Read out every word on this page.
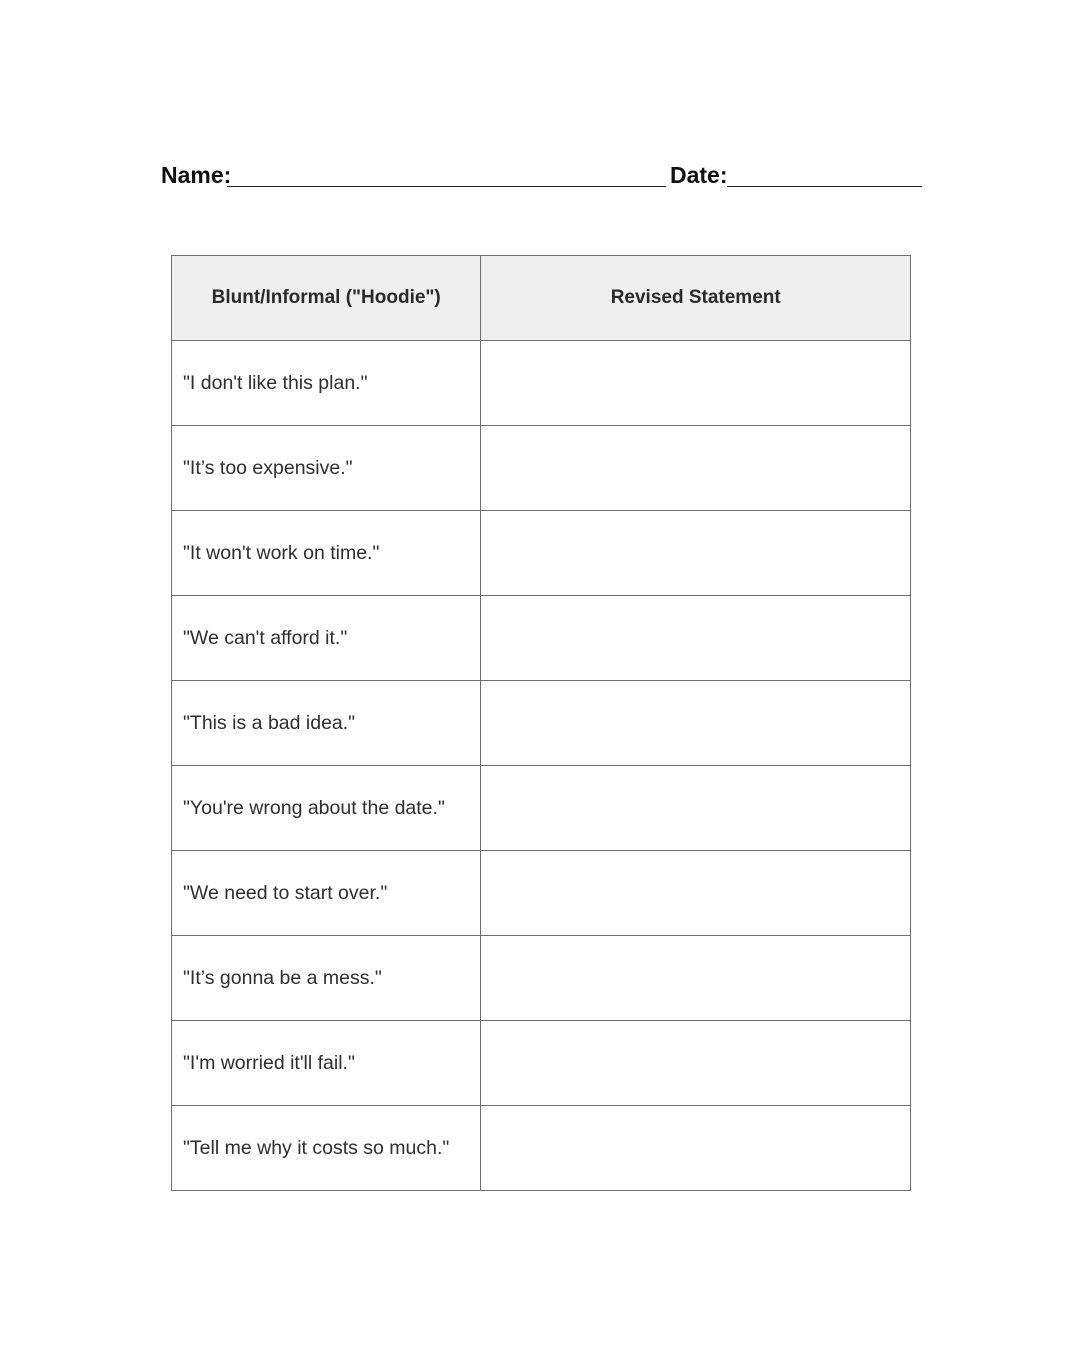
Name:	Date:
Blunt/Informal ("Hoodie")	Revised Statement
"I don't like this plan."	
"It’s too expensive."	
"It won't work on time."	
"We can't afford it."	
"This is a bad idea."	
"You're wrong about the date."	
"We need to start over."	
"It’s gonna be a mess."	
"I'm worried it'll fail."	
"Tell me why it costs so much."	
